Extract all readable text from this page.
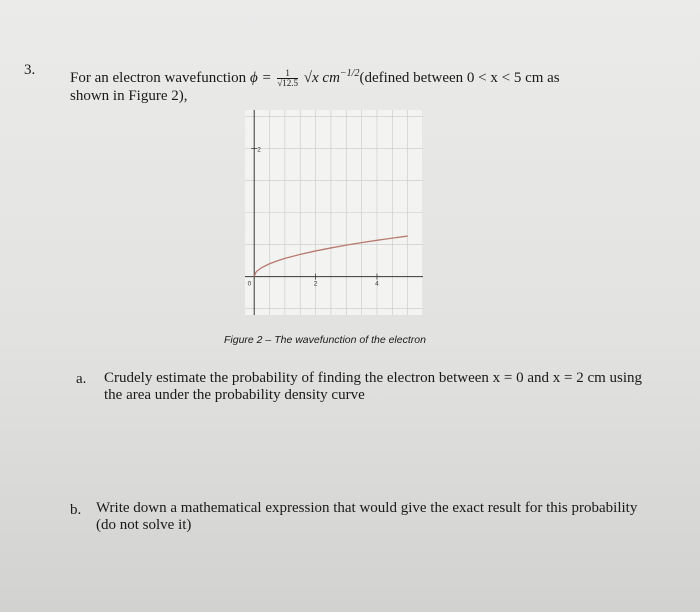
3. For an electron wavefunction $\phi = \frac{1}{√12.5} √x$ $cm^{-1/2}(defined$ between 0 < x < 5 cm as
shown in Figure 2),
2
0	2	4
Figure 2 – The wavefunction of the electron
a. Crudely estimate the probability of finding the electron between x = 0 and x = 2 cm using the area under the probability density curve
b. Write down a mathematical expression that would give the exact result for this probability (do not solve it)
